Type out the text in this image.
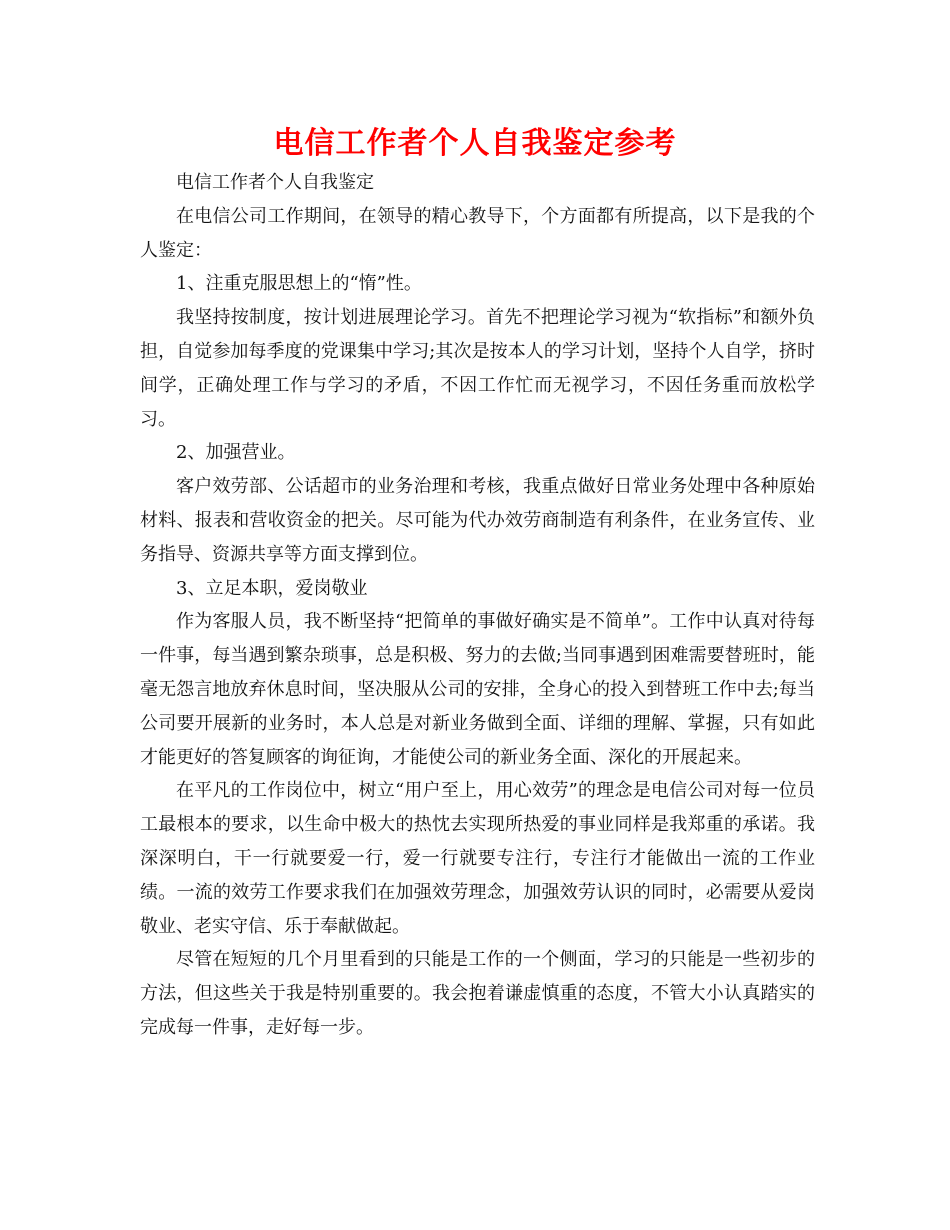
电信工作者个人自我鉴定参考

电信工作者个人自我鉴定

在电信公司工作期间，在领导的精心教导下，个方面都有所提高，以下是我的个人鉴定：

1、注重克服思想上的“惰”性。

我坚持按制度，按计划进展理论学习。首先不把理论学习视为“软指标”和额外负担，自觉参加每季度的党课集中学习;其次是按本人的学习计划，坚持个人自学，挤时间学，正确处理工作与学习的矛盾，不因工作忙而无视学习，不因任务重而放松学习。

2、加强营业。

客户效劳部、公话超市的业务治理和考核，我重点做好日常业务处理中各种原始材料、报表和营收资金的把关。尽可能为代办效劳商制造有利条件，在业务宣传、业务指导、资源共享等方面支撑到位。

3、立足本职，爱岗敬业

作为客服人员，我不断坚持“把简单的事做好确实是不简单”。工作中认真对待每一件事，每当遇到繁杂琐事，总是积极、努力的去做;当同事遇到困难需要替班时，能毫无怨言地放弃休息时间，坚决服从公司的安排，全身心的投入到替班工作中去;每当公司要开展新的业务时，本人总是对新业务做到全面、详细的理解、掌握，只有如此才能更好的答复顾客的询征询，才能使公司的新业务全面、深化的开展起来。

在平凡的工作岗位中，树立“用户至上，用心效劳”的理念是电信公司对每一位员工最根本的要求，以生命中极大的热忱去实现所热爱的事业同样是我郑重的承诺。我深深明白，干一行就要爱一行，爱一行就要专注行，专注行才能做出一流的工作业绩。一流的效劳工作要求我们在加强效劳理念，加强效劳认识的同时，必需要从爱岗敬业、老实守信、乐于奉献做起。

尽管在短短的几个月里看到的只能是工作的一个侧面，学习的只能是一些初步的方法，但这些关于我是特别重要的。我会抱着谦虚慎重的态度，不管大小认真踏实的完成每一件事，走好每一步。
